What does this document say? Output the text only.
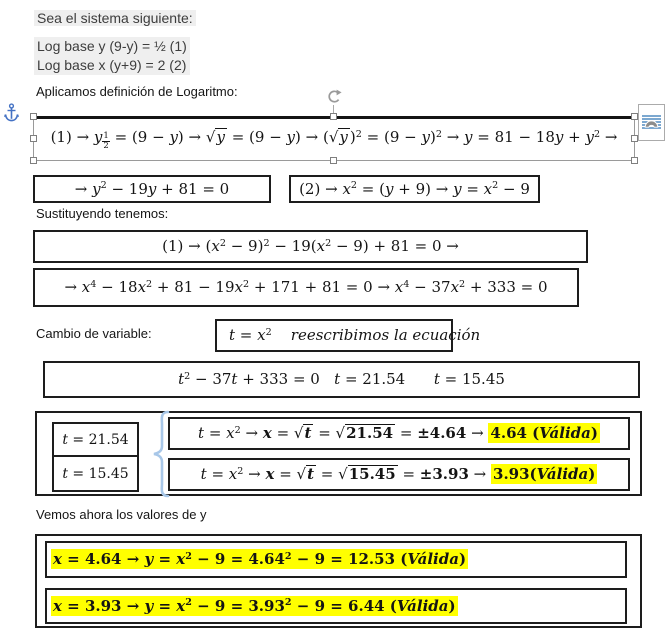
Sea el sistema siguiente:
Log base y (9-y) = ½ (1)
Log base x (y+9) = 2 (2)
Aplicamos definición de Logaritmo:
(1) → y $\frac{1}{2} = (9 - y) \to √y = (9 - y) \to (√y$ )$^2 = (9 - y)^2 \to y = 81 - 18y + y^2$ →
→ $y^2 - 19y + 81 = 0$	$(2) \to x^2 = (y + 9) \to y = x^2 - 9$
Sustituyendo tenemos:
$(1) \to (x^2 - 9)^2 - 19(x^2 - 9) + 81 = 0$ →
→ $x^4 - 18x^2 + 81 - 19x^2 + 171 + 81 = 0 \to x^4 - 37x^2 + 333 = 0$
Cambio de variable:	$t = x^2$ reescribimos la ecuación
$t^2 - 37t + 333 = 0$   t = 21.54      t = 15.45
t = 21.54
t = 15.45
$t = x^2 \to x = √t = √21.54 = \pm 4.64 \to 4.64$ (Válida)
$t = x^2 \to x = √t = √15.45 = \pm 3.93$ → 3.93(Válida)
Vemos ahora los valores de y
$x = 4.64 \to y = x^2 - 9 = 4.64^2 - 9 = 12.53$ (Válida)
$x = 3.93 \to y = x^2 - 9 = 3.93^2 - 9 = 6.44$ (Válida)
